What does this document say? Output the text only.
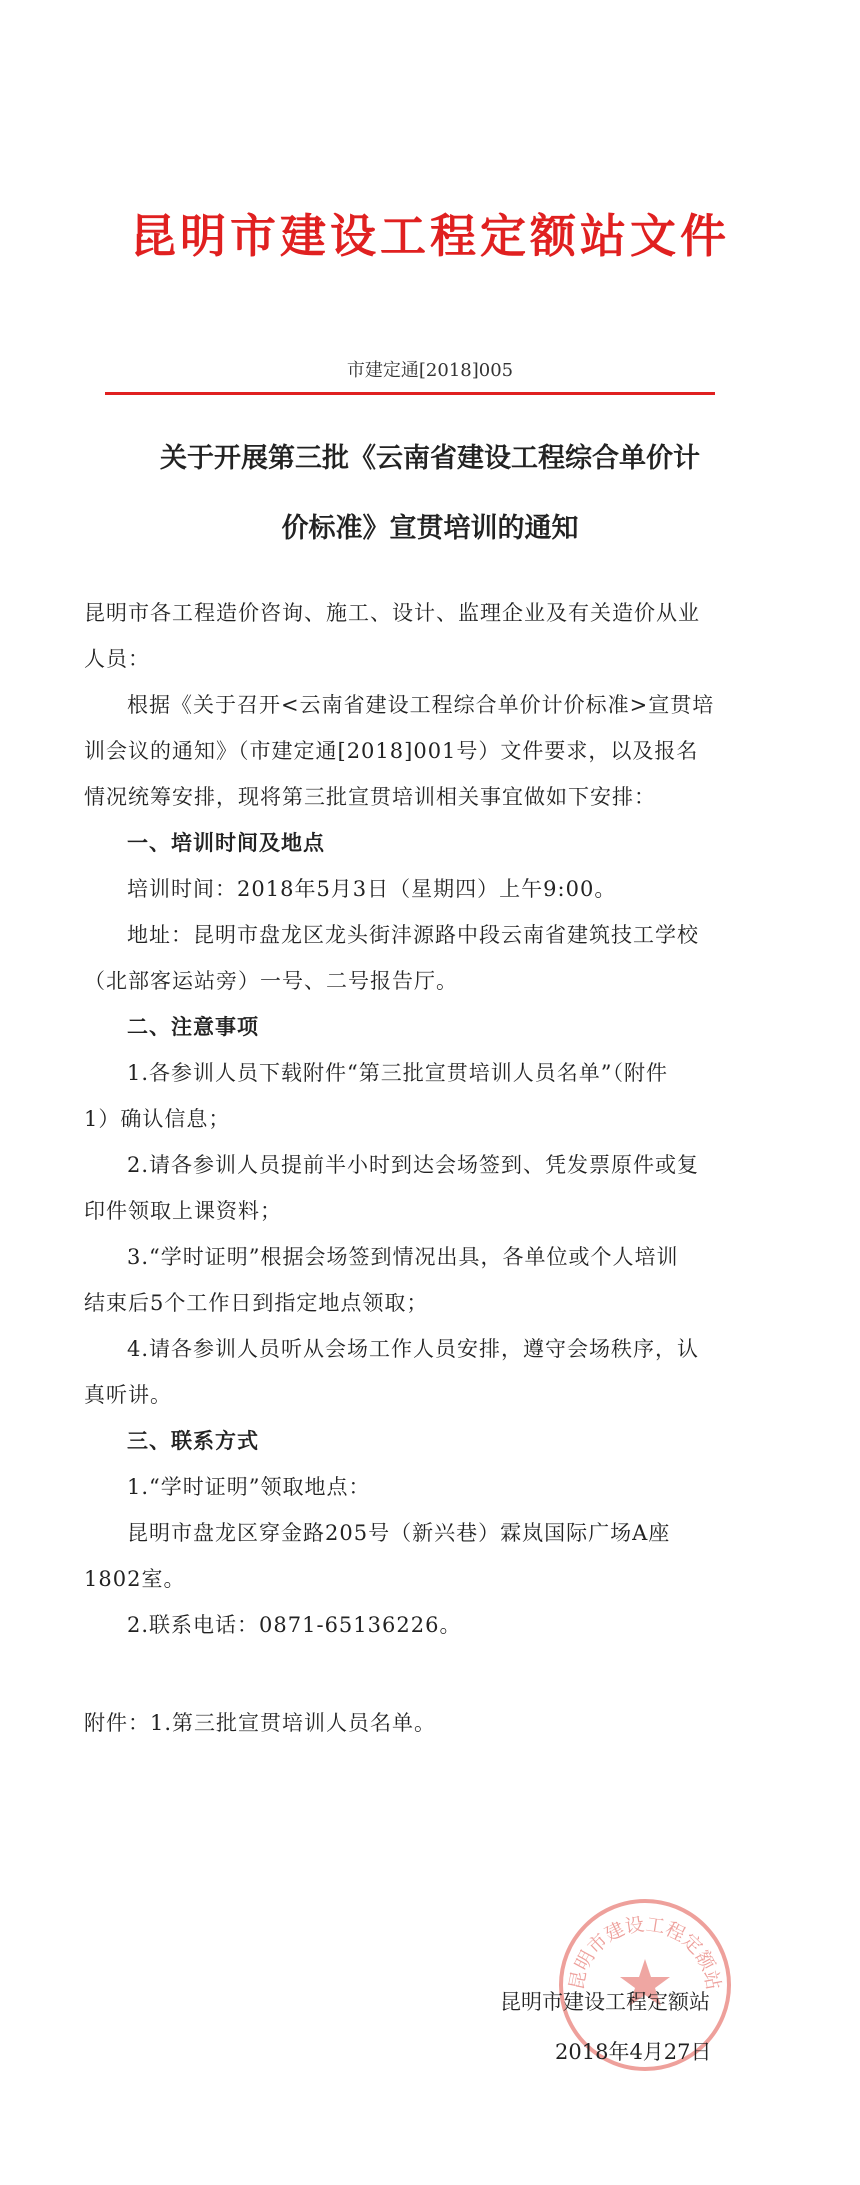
昆明市建设工程定额站文件
市建定通[2018]005
关于开展第三批《云南省建设工程综合单价计
价标准》宣贯培训的通知
昆明市各工程造价咨询、施工、设计、监理企业及有关造价从业
人员：
根据《关于召开<云南省建设工程综合单价计价标准>宣贯培
训会议的通知》（市建定通[2018]001号）文件要求，以及报名
情况统筹安排，现将第三批宣贯培训相关事宜做如下安排：
一、培训时间及地点
培训时间：2018年5月3日（星期四）上午9:00。
地址：昆明市盘龙区龙头街沣源路中段云南省建筑技工学校
（北部客运站旁）一号、二号报告厅。
二、注意事项
1.各参训人员下载附件“第三批宣贯培训人员名单”（附件
1）确认信息；
2.请各参训人员提前半小时到达会场签到、凭发票原件或复
印件领取上课资料；
3.“学时证明”根据会场签到情况出具，各单位或个人培训
结束后5个工作日到指定地点领取；
4.请各参训人员听从会场工作人员安排，遵守会场秩序，认
真听讲。
三、联系方式
1.“学时证明”领取地点：
昆明市盘龙区穿金路205号（新兴巷）霖岚国际广场A座
1802室。
2.联系电话：0871-65136226。
附件：1.第三批宣贯培训人员名单。
昆明市建设工程定额站
昆明市建设工程定额站
2018年4月27日
